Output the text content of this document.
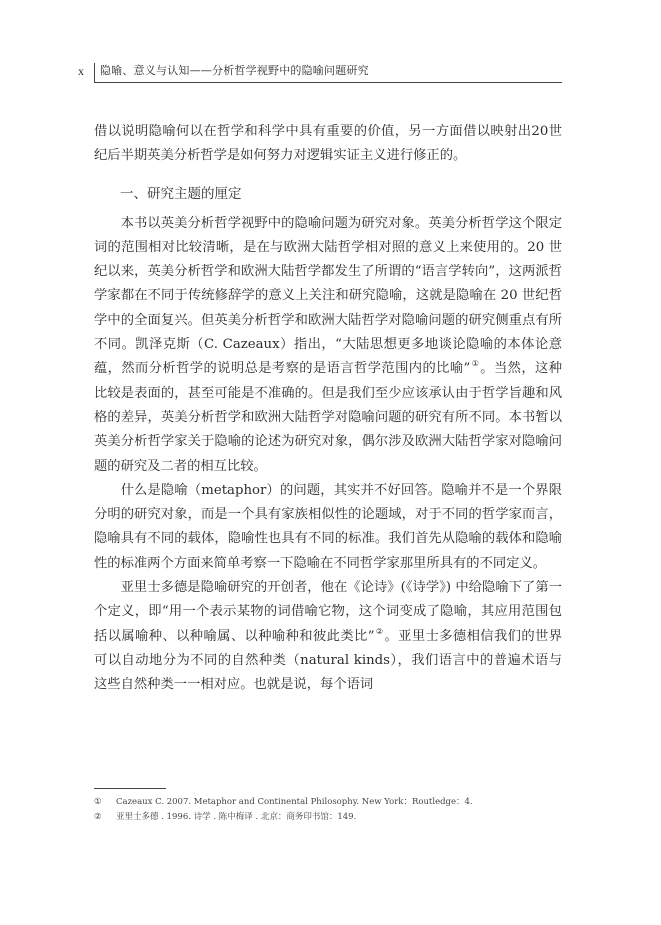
x 隐喻、意义与认知——分析哲学视野中的隐喻问题研究

借以说明隐喻何以在哲学和科学中具有重要的价值，另一方面借以映射出20世纪后半期英美分析哲学是如何努力对逻辑实证主义进行修正的。

一、研究主题的厘定

本书以英美分析哲学视野中的隐喻问题为研究对象。英美分析哲学这个限定词的范围相对比较清晰，是在与欧洲大陆哲学相对照的意义上来使用的。20 世纪以来，英美分析哲学和欧洲大陆哲学都发生了所谓的“语言学转向”，这两派哲学家都在不同于传统修辞学的意义上关注和研究隐喻，这就是隐喻在 20 世纪哲学中的全面复兴。但英美分析哲学和欧洲大陆哲学对隐喻问题的研究侧重点有所不同。凯泽克斯（C. Cazeaux）指出，“大陆思想更多地谈论隐喻的本体论意蕴，然而分析哲学的说明总是考察的是语言哲学范围内的比喻”①。当然，这种比较是表面的，甚至可能是不准确的。但是我们至少应该承认由于哲学旨趣和风格的差异，英美分析哲学和欧洲大陆哲学对隐喻问题的研究有所不同。本书暂以英美分析哲学家关于隐喻的论述为研究对象，偶尔涉及欧洲大陆哲学家对隐喻问题的研究及二者的相互比较。

什么是隐喻（metaphor）的问题，其实并不好回答。隐喻并不是一个界限分明的研究对象，而是一个具有家族相似性的论题域，对于不同的哲学家而言，隐喻具有不同的载体，隐喻性也具有不同的标准。我们首先从隐喻的载体和隐喻性的标准两个方面来简单考察一下隐喻在不同哲学家那里所具有的不同定义。

亚里士多德是隐喻研究的开创者，他在《论诗》(《诗学》) 中给隐喻下了第一个定义，即“用一个表示某物的词借喻它物，这个词变成了隐喻，其应用范围包括以属喻种、以种喻属、以种喻种和彼此类比”②。亚里士多德相信我们的世界可以自动地分为不同的自然种类（natural kinds），我们语言中的普遍术语与这些自然种类一一相对应。也就是说，每个语词

①	Cazeaux C. 2007. Metaphor and Continental Philosophy. New York：Routledge：4.
②	亚里士多德 . 1996. 诗学 . 陈中梅译 . 北京：商务印书馆：149.
